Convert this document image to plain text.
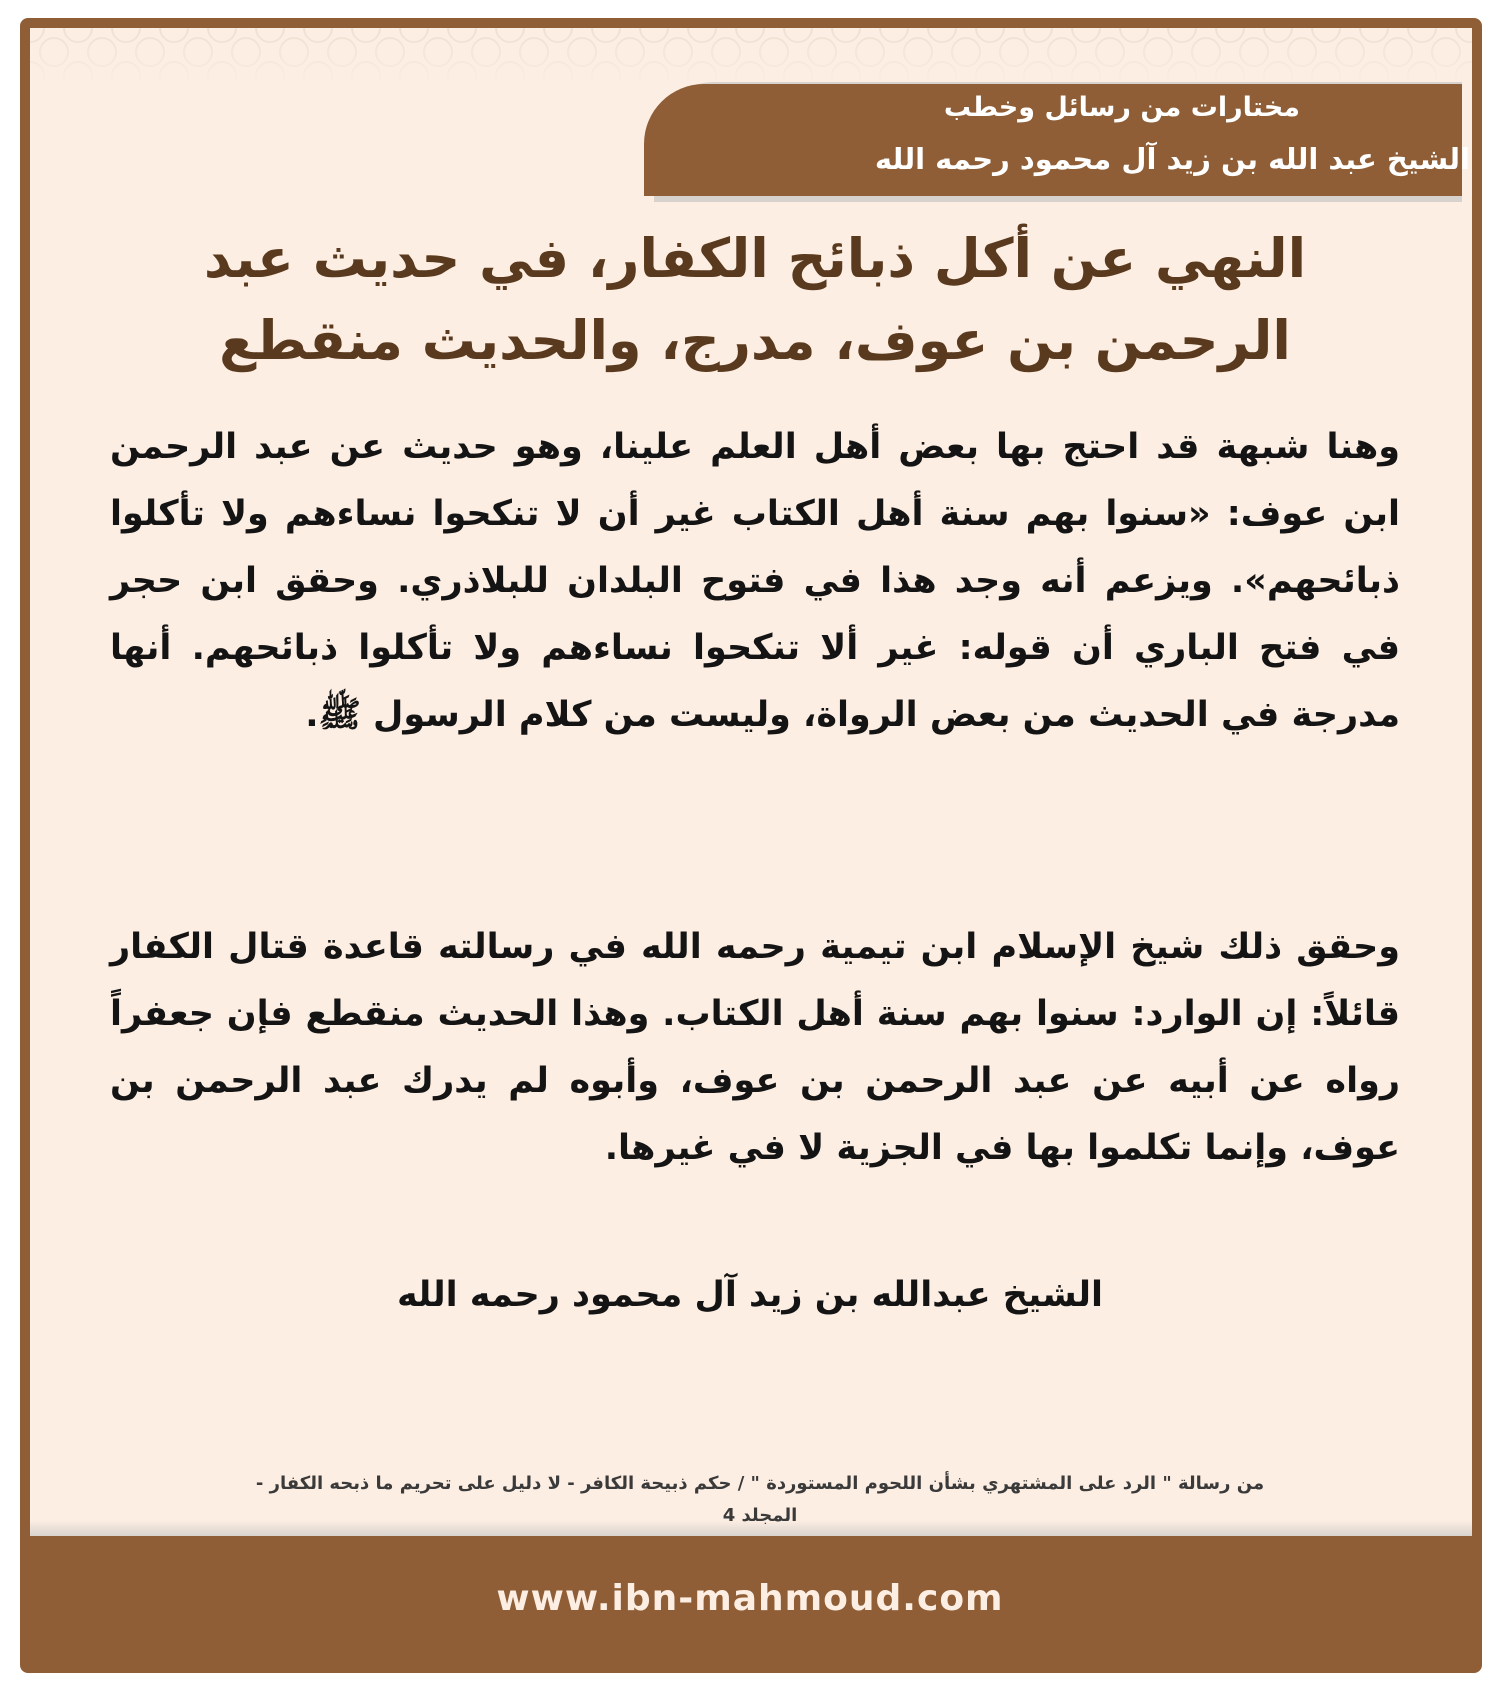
مختارات من رسائل وخطب
الشيخ عبد الله بن زيد آل محمود رحمه الله
النهي عن أكل ذبائح الكفار، في حديث عبد الرحمن بن عوف، مدرج، والحديث منقطع
وهنا شبهة قد احتج بها بعض أهل العلم علينا، وهو حديث عن عبد الرحمن ابن عوف: «سنوا بهم سنة أهل الكتاب غير أن لا تنكحوا نساءهم ولا تأكلوا ذبائحهم». ويزعم أنه وجد هذا في فتوح البلدان للبلاذري. وحقق ابن حجر في فتح الباري أن قوله: غير ألا تنكحوا نساءهم ولا تأكلوا ذبائحهم. أنها مدرجة في الحديث من بعض الرواة، وليست من كلام الرسول ﷺ.
وحقق ذلك شيخ الإسلام ابن تيمية رحمه الله في رسالته قاعدة قتال الكفار قائلاً: إن الوارد: سنوا بهم سنة أهل الكتاب. وهذا الحديث منقطع فإن جعفراً رواه عن أبيه عن عبد الرحمن بن عوف، وأبوه لم يدرك عبد الرحمن بن عوف، وإنما تكلموا بها في الجزية لا في غيرها.
الشيخ عبدالله بن زيد آل محمود رحمه الله
من رسالة " الرد على المشتهري بشأن اللحوم المستوردة " / حكم ذبيحة الكافر - لا دليل على تحريم ما ذبحه الكفار -
المجلد 4
www.ibn-mahmoud.com
